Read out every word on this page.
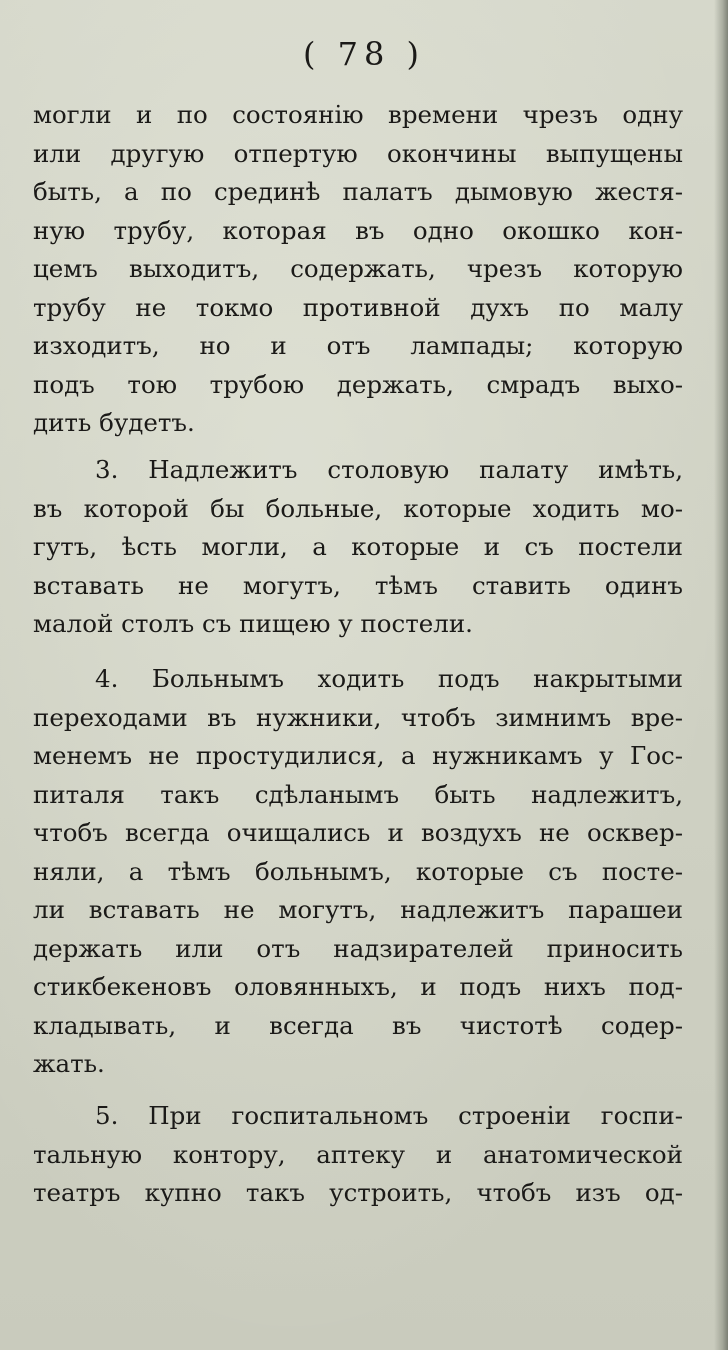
( 78 )
могли и по состоянію времени чрезъ одну
или другую отпертую окончины выпущены
быть, а по срединѣ палатъ дымовую жестя-
ную трубу, которая въ одно окошко кон-
цемъ выходитъ, содержать, чрезъ которую
трубу не токмо противной духъ по малу
изходитъ, но и отъ лампады; которую
подъ тою трубою держать, смрадъ выхо-
дить будетъ.
3. Надлежитъ столовую палату имѣть,
въ которой бы больные, которые ходить мо-
гутъ, ѣсть могли, а которые и съ постели
вставать не могутъ, тѣмъ ставить одинъ
малой столъ съ пищею у постели.
4. Больнымъ ходить подъ накрытыми
переходами въ нужники, чтобъ зимнимъ вре-
менемъ не простудилися, а нужникамъ у Гос-
питаля такъ сдѣланымъ быть надлежитъ,
чтобъ всегда очищались и воздухъ не осквер-
няли, а тѣмъ больнымъ, которые съ посте-
ли вставать не могутъ, надлежитъ парашеи
держать или отъ надзирателей приносить
стикбекеновъ оловянныхъ, и подъ нихъ под-
кладывать, и всегда въ чистотѣ содер-
жать.
5. При госпитальномъ строеніи госпи-
тальную контору, аптеку и анатомической
театръ купно такъ устроить, чтобъ изъ од-
